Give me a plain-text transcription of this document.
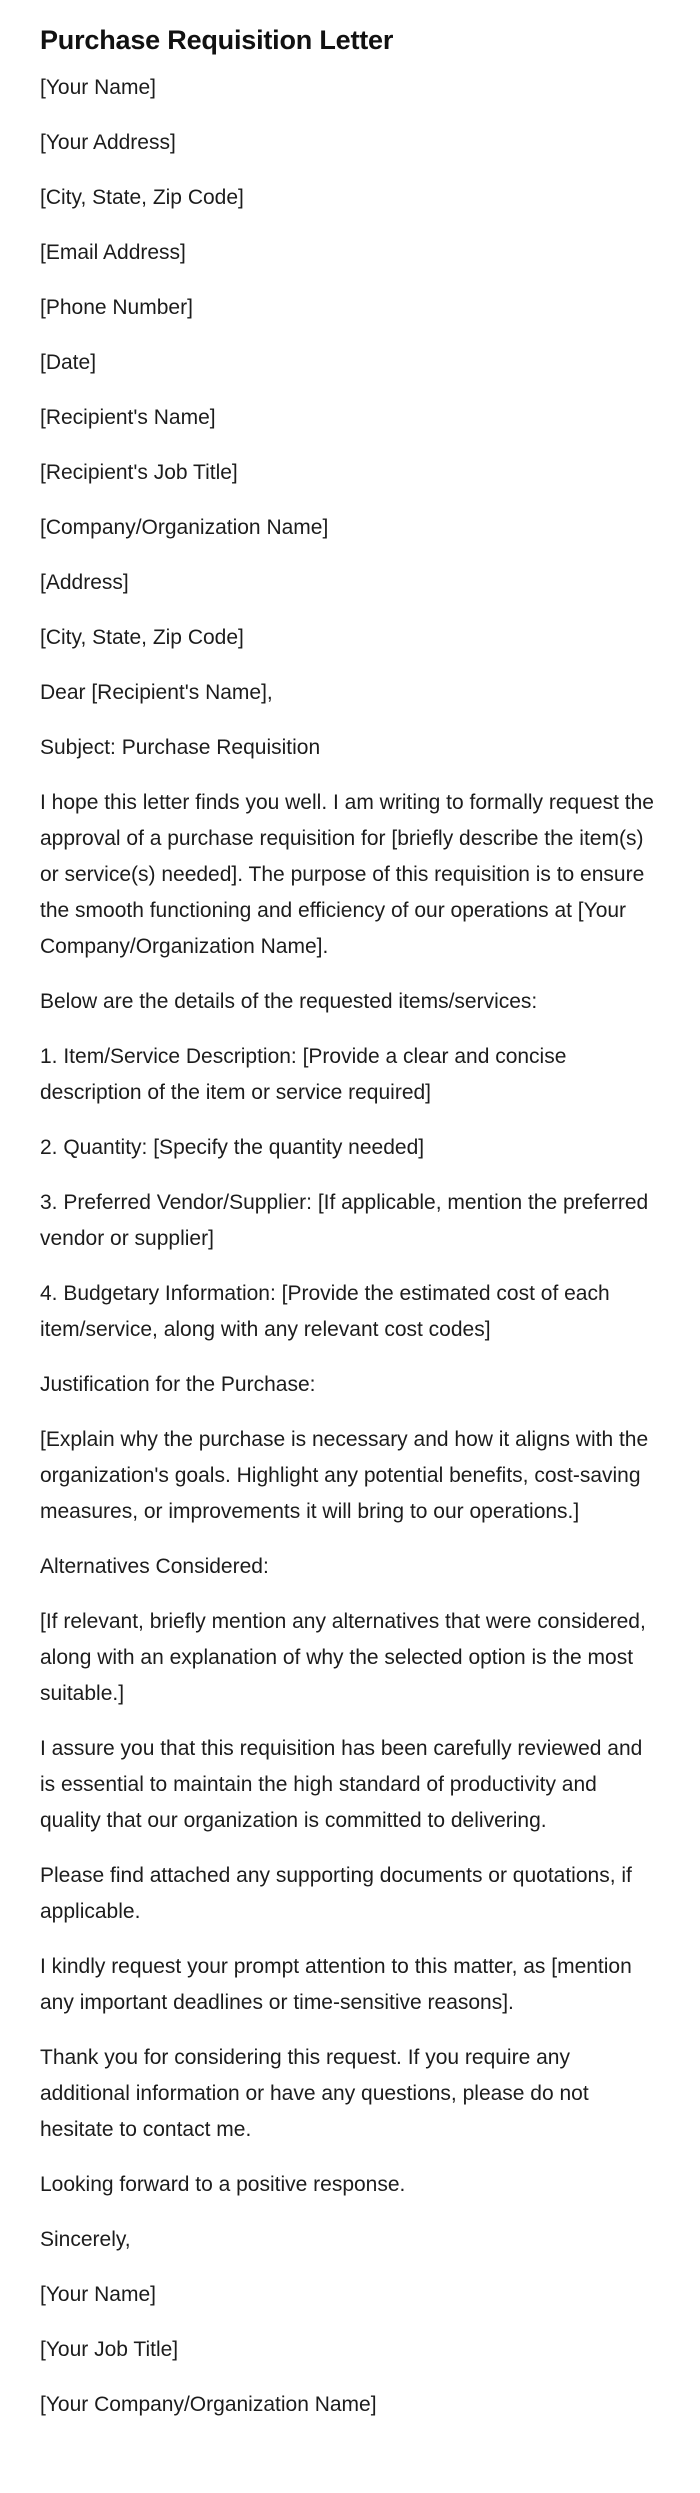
Purchase Requisition Letter

[Your Name]

[Your Address]

[City, State, Zip Code]

[Email Address]

[Phone Number]

[Date]

[Recipient's Name]

[Recipient's Job Title]

[Company/Organization Name]

[Address]

[City, State, Zip Code]

Dear [Recipient's Name],

Subject: Purchase Requisition

I hope this letter finds you well. I am writing to formally request the approval of a purchase requisition for [briefly describe the item(s) or service(s) needed]. The purpose of this requisition is to ensure the smooth functioning and efficiency of our operations at [Your Company/Organization Name].

Below are the details of the requested items/services:

1. Item/Service Description: [Provide a clear and concise description of the item or service required]

2. Quantity: [Specify the quantity needed]

3. Preferred Vendor/Supplier: [If applicable, mention the preferred vendor or supplier]

4. Budgetary Information: [Provide the estimated cost of each item/service, along with any relevant cost codes]

Justification for the Purchase:

[Explain why the purchase is necessary and how it aligns with the organization's goals. Highlight any potential benefits, cost-saving measures, or improvements it will bring to our operations.]

Alternatives Considered:

[If relevant, briefly mention any alternatives that were considered, along with an explanation of why the selected option is the most suitable.]

I assure you that this requisition has been carefully reviewed and is essential to maintain the high standard of productivity and quality that our organization is committed to delivering.

Please find attached any supporting documents or quotations, if applicable.

I kindly request your prompt attention to this matter, as [mention any important deadlines or time-sensitive reasons].

Thank you for considering this request. If you require any additional information or have any questions, please do not hesitate to contact me.

Looking forward to a positive response.

Sincerely,

[Your Name]

[Your Job Title]

[Your Company/Organization Name]
